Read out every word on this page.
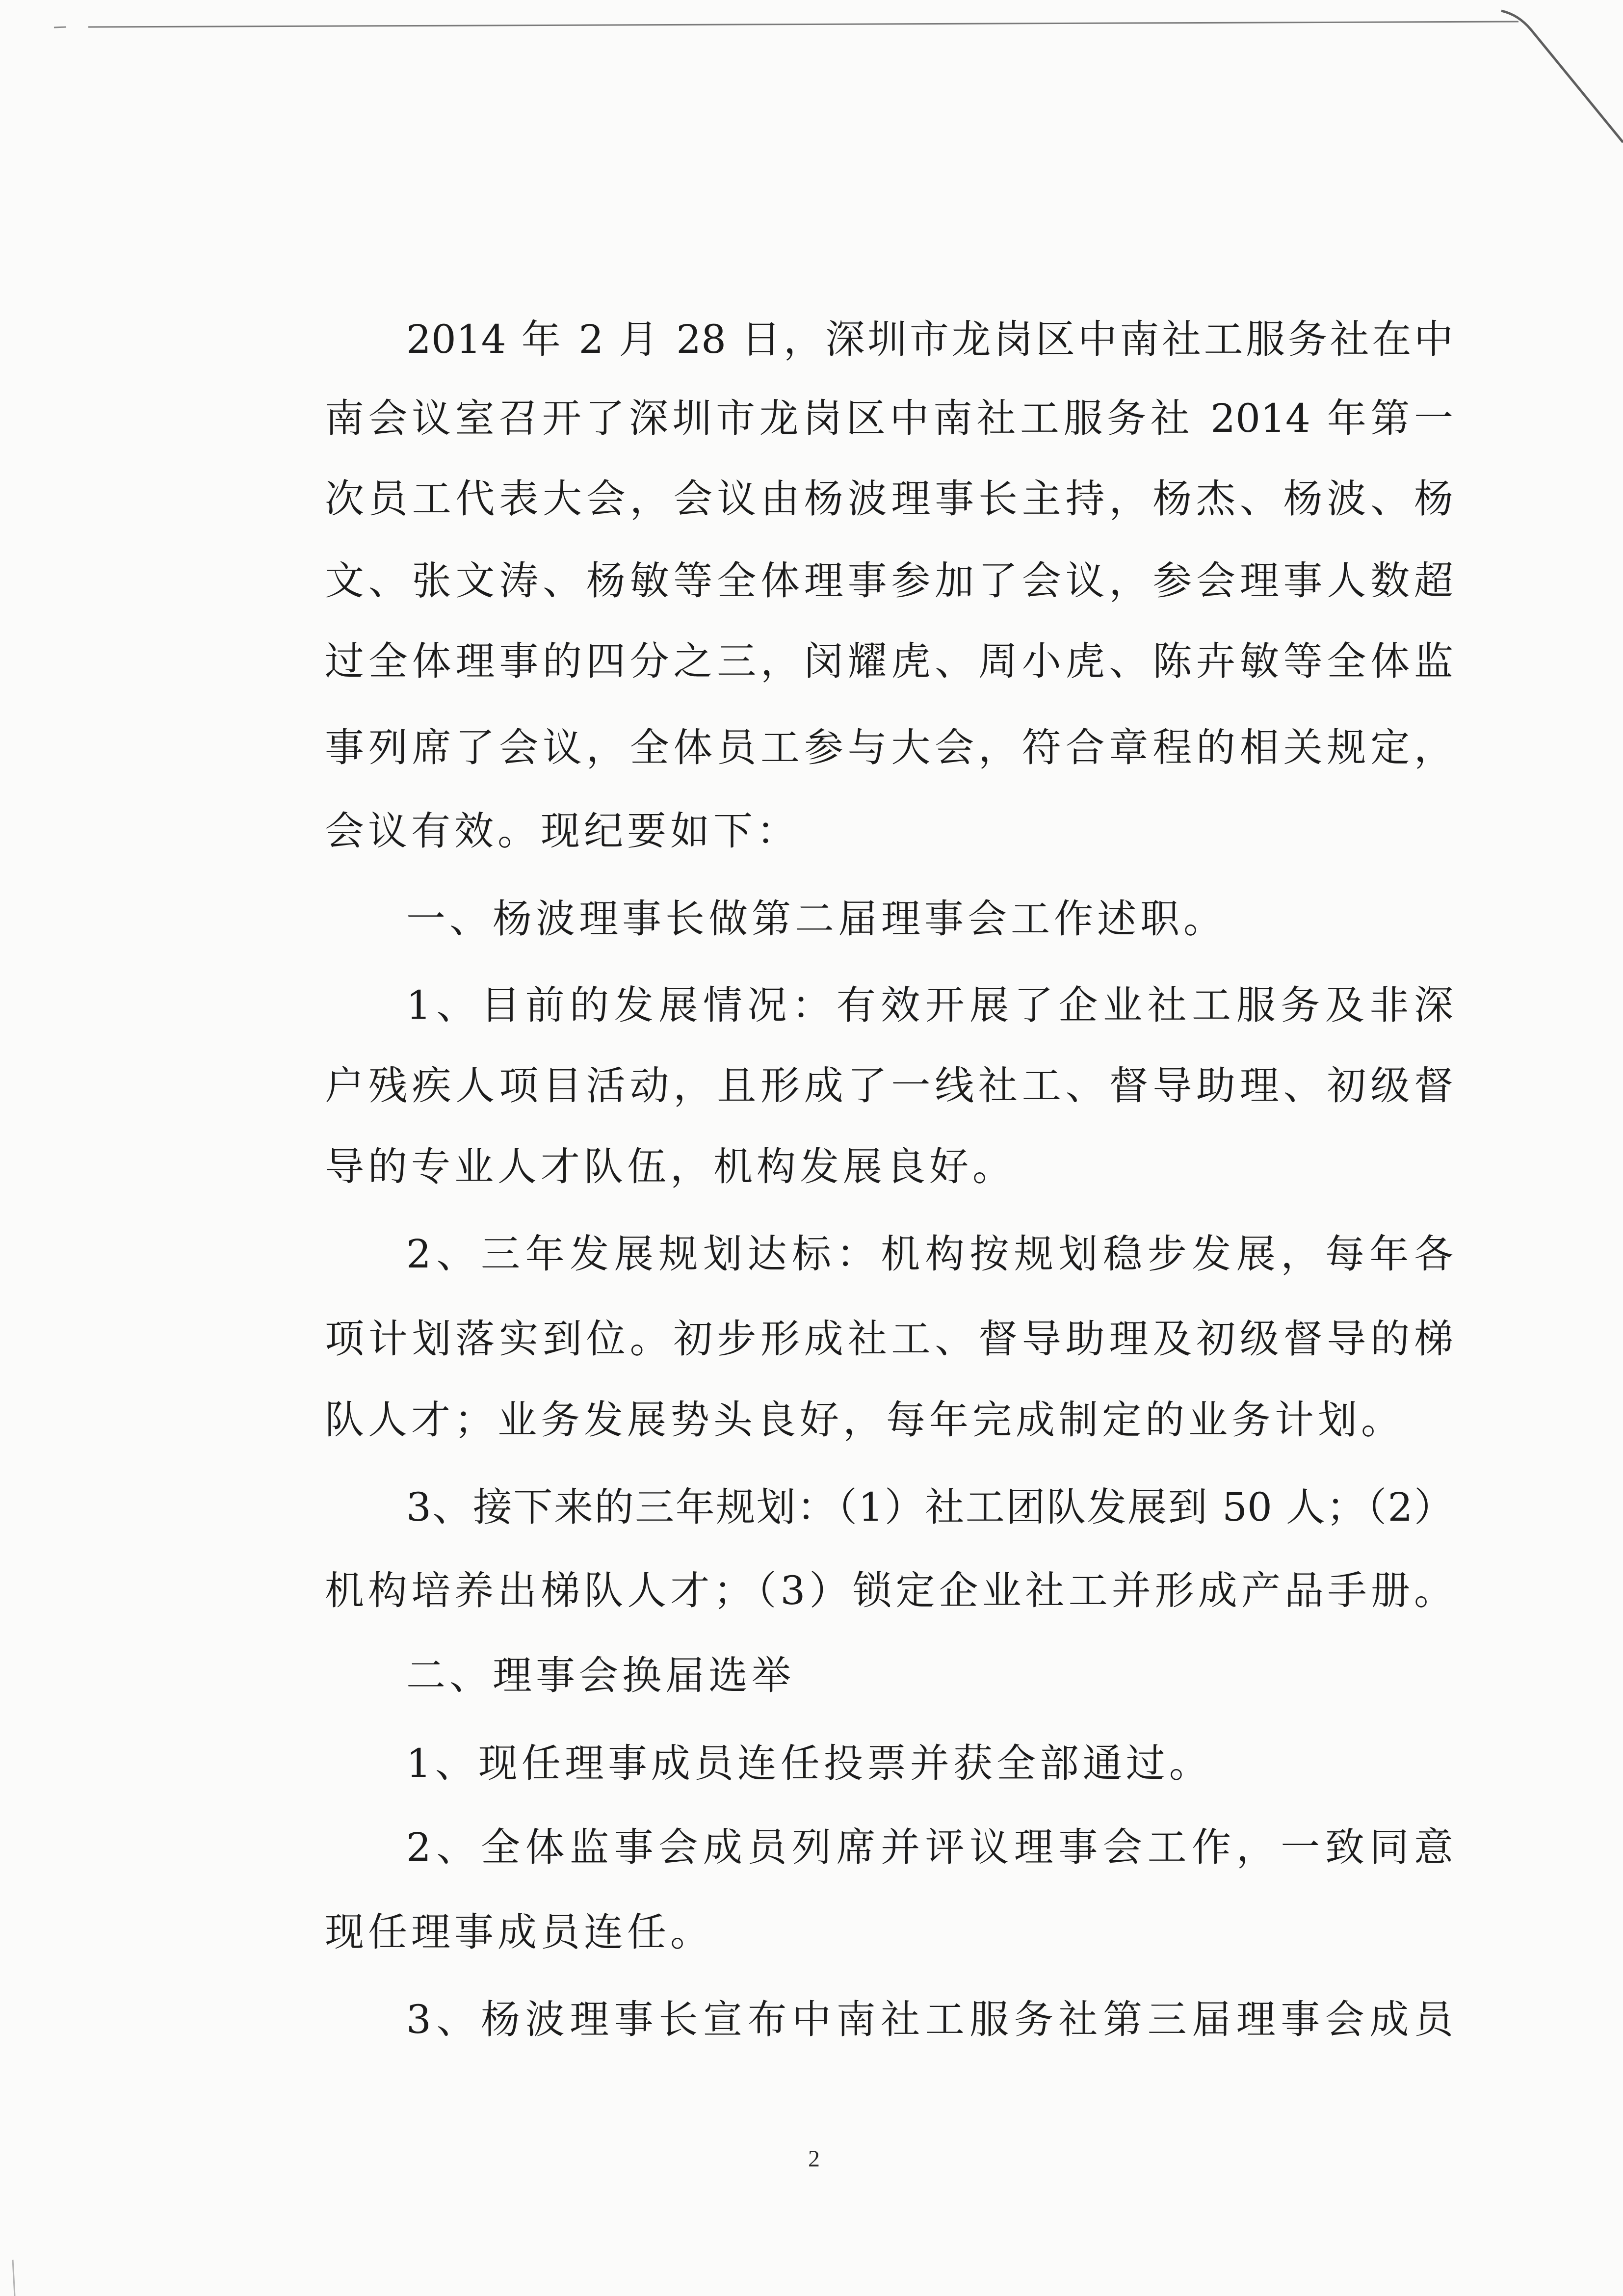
2014 年 2 月 28 日，深圳市龙岗区中南社工服务社在中
南会议室召开了深圳市龙岗区中南社工服务社 2014 年第一
次员工代表大会，会议由杨波理事长主持，杨杰、杨波、杨
文、张文涛、杨敏等全体理事参加了会议，参会理事人数超
过全体理事的四分之三，闵耀虎、周小虎、陈卉敏等全体监
事列席了会议，全体员工参与大会，符合章程的相关规定，
会议有效。现纪要如下：
一、杨波理事长做第二届理事会工作述职。
1、目前的发展情况：有效开展了企业社工服务及非深
户残疾人项目活动，且形成了一线社工、督导助理、初级督
导的专业人才队伍，机构发展良好。
2、三年发展规划达标：机构按规划稳步发展，每年各
项计划落实到位。初步形成社工、督导助理及初级督导的梯
队人才；业务发展势头良好，每年完成制定的业务计划。
3、接下来的三年规划：（1）社工团队发展到 50 人；（2）
机构培养出梯队人才；（3）锁定企业社工并形成产品手册。
二、理事会换届选举
1、现任理事成员连任投票并获全部通过。
2、全体监事会成员列席并评议理事会工作，一致同意
现任理事成员连任。
3、杨波理事长宣布中南社工服务社第三届理事会成员
2
